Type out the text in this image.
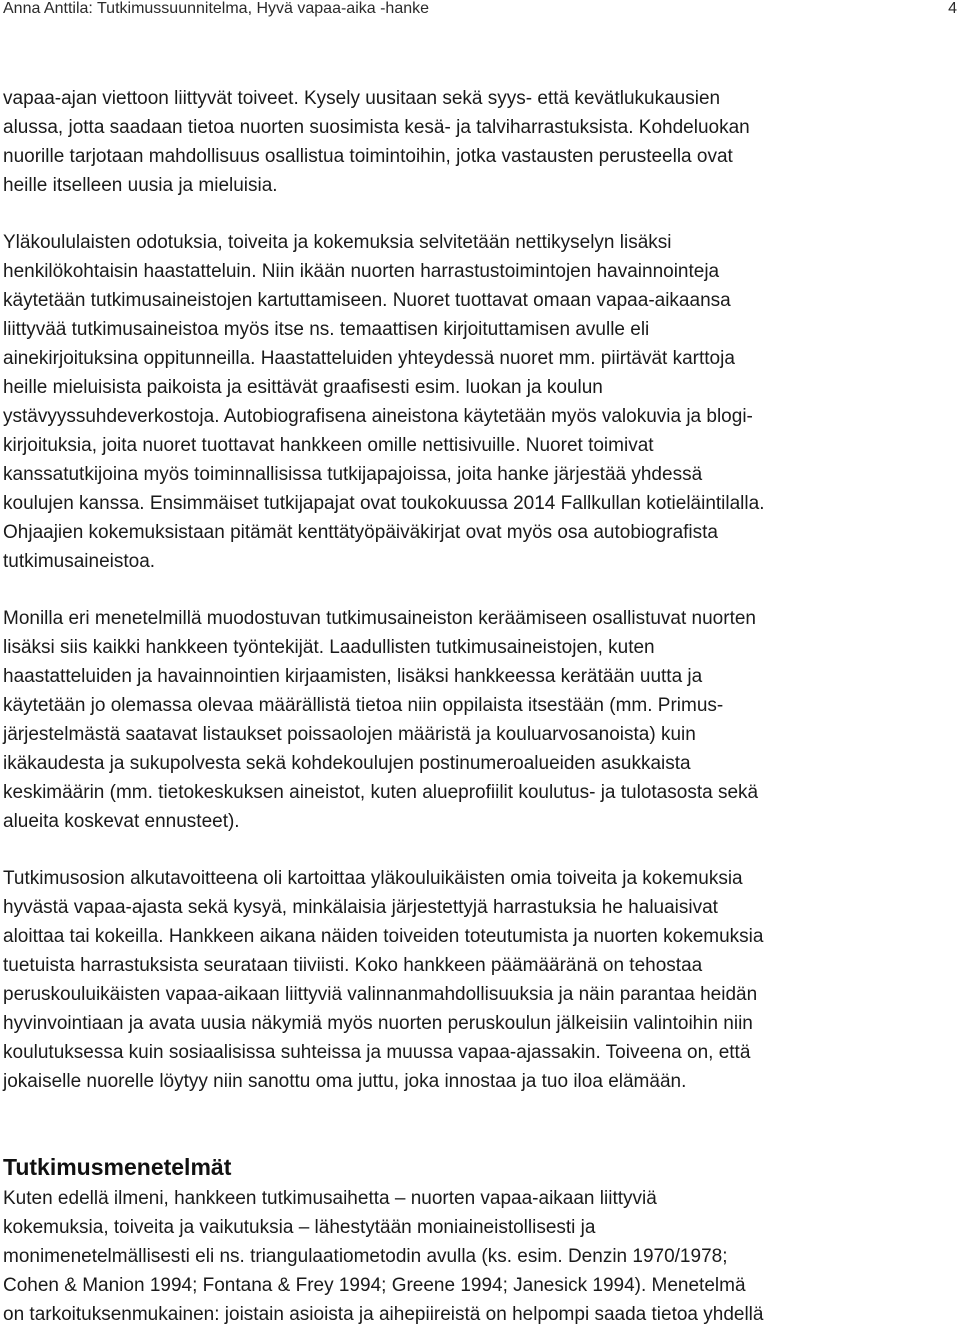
Anna Anttila: Tutkimussuunnitelma, Hyvä vapaa-aika -hanke	4

vapaa-ajan viettoon liittyvät toiveet. Kysely uusitaan sekä syys- että kevätlukukausien
alussa, jotta saadaan tietoa nuorten suosimista kesä- ja talviharrastuksista. Kohdeluokan
nuorille tarjotaan mahdollisuus osallistua toimintoihin, jotka vastausten perusteella ovat
heille itselleen uusia ja mieluisia.

Yläkoululaisten odotuksia, toiveita ja kokemuksia selvitetään nettikyselyn lisäksi
henkilökohtaisin haastatteluin. Niin ikään nuorten harrastustoimintojen havainnointeja
käytetään tutkimusaineistojen kartuttamiseen. Nuoret tuottavat omaan vapaa-aikaansa
liittyvää tutkimusaineistoa myös itse ns. temaattisen kirjoituttamisen avulle eli
ainekirjoituksina oppitunneilla. Haastatteluiden yhteydessä nuoret mm. piirtävät karttoja
heille mieluisista paikoista ja esittävät graafisesti esim. luokan ja koulun
ystävyyssuhdeverkostoja. Autobiografisena aineistona käytetään myös valokuvia ja blogi-
kirjoituksia, joita nuoret tuottavat hankkeen omille nettisivuille. Nuoret toimivat
kanssatutkijoina myös toiminnallisissa tutkijapajoissa, joita hanke järjestää yhdessä
koulujen kanssa. Ensimmäiset tutkijapajat ovat toukokuussa 2014 Fallkullan kotieläintilalla.
Ohjaajien kokemuksistaan pitämät kenttätyöpäiväkirjat ovat myös osa autobiografista
tutkimusaineistoa.

Monilla eri menetelmillä muodostuvan tutkimusaineiston keräämiseen osallistuvat nuorten
lisäksi siis kaikki hankkeen työntekijät. Laadullisten tutkimusaineistojen, kuten
haastatteluiden ja havainnointien kirjaamisten, lisäksi hankkeessa kerätään uutta ja
käytetään jo olemassa olevaa määrällistä tietoa niin oppilaista itsestään (mm. Primus-
järjestelmästä saatavat listaukset poissaolojen määristä ja kouluarvosanoista) kuin
ikäkaudesta ja sukupolvesta sekä kohdekoulujen postinumeroalueiden asukkaista
keskimäärin (mm. tietokeskuksen aineistot, kuten alueprofiilit koulutus- ja tulotasosta sekä
alueita koskevat ennusteet).

Tutkimusosion alkutavoitteena oli kartoittaa yläkouluikäisten omia toiveita ja kokemuksia
hyvästä vapaa-ajasta sekä kysyä, minkälaisia järjestettyjä harrastuksia he haluaisivat
aloittaa tai kokeilla. Hankkeen aikana näiden toiveiden toteutumista ja nuorten kokemuksia
tuetuista harrastuksista seurataan tiiviisti. Koko hankkeen päämääränä on tehostaa
peruskouluikäisten vapaa-aikaan liittyviä valinnanmahdollisuuksia ja näin parantaa heidän
hyvinvointiaan ja avata uusia näkymiä myös nuorten peruskoulun jälkeisiin valintoihin niin
koulutuksessa kuin sosiaalisissa suhteissa ja muussa vapaa-ajassakin. Toiveena on, että
jokaiselle nuorelle löytyy niin sanottu oma juttu, joka innostaa ja tuo iloa elämään.

Tutkimusmenetelmät

Kuten edellä ilmeni, hankkeen tutkimusaihetta – nuorten vapaa-aikaan liittyviä
kokemuksia, toiveita ja vaikutuksia – lähestytään moniaineistollisesti ja
monimenetelmällisesti eli ns. triangulaatiometodin avulla (ks. esim. Denzin 1970/1978;
Cohen & Manion 1994; Fontana & Frey 1994; Greene 1994; Janesick 1994). Menetelmä
on tarkoituksenmukainen: joistain asioista ja aihepiireistä on helpompi saada tietoa yhdellä
